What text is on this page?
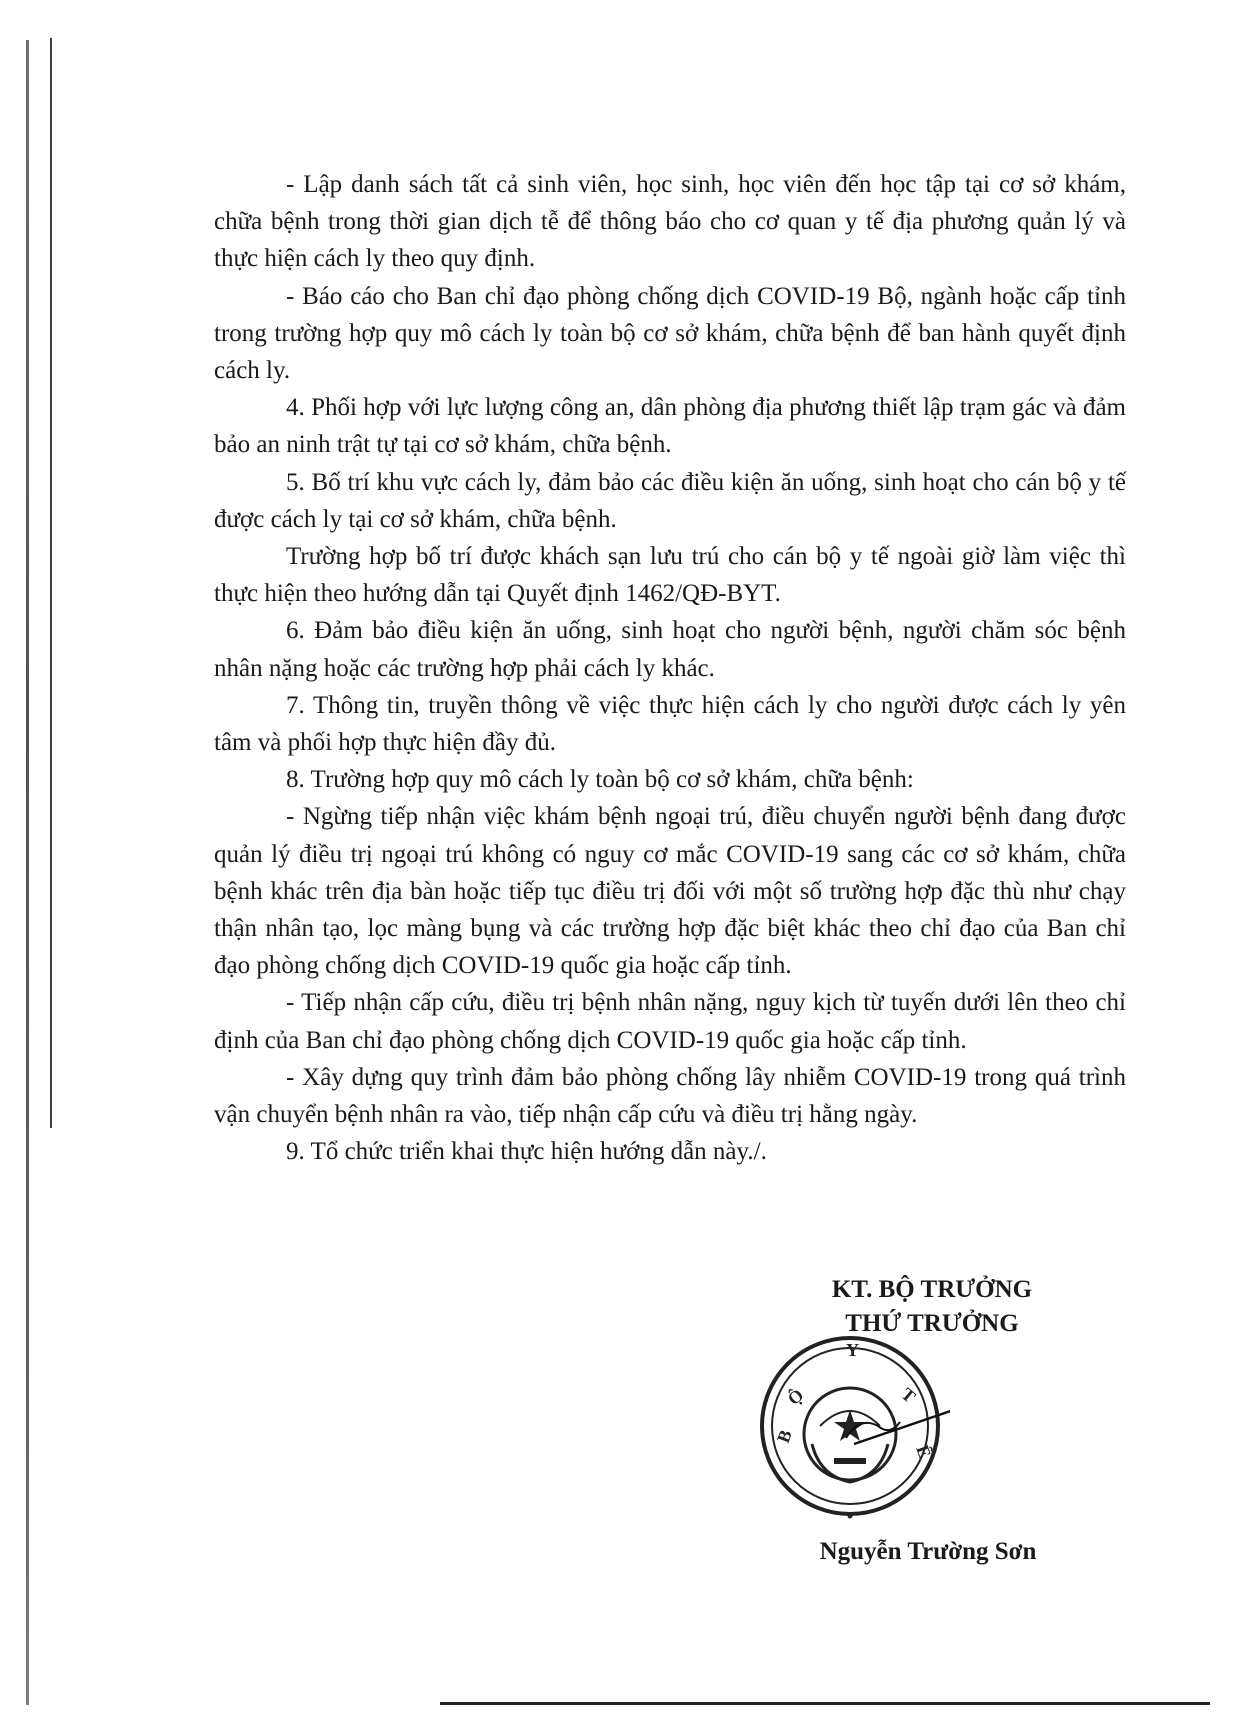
- Lập danh sách tất cả sinh viên, học sinh, học viên đến học tập tại cơ sở khám, chữa bệnh trong thời gian dịch tễ để thông báo cho cơ quan y tế địa phương quản lý và thực hiện cách ly theo quy định.

- Báo cáo cho Ban chỉ đạo phòng chống dịch COVID-19 Bộ, ngành hoặc cấp tỉnh trong trường hợp quy mô cách ly toàn bộ cơ sở khám, chữa bệnh để ban hành quyết định cách ly.

4. Phối hợp với lực lượng công an, dân phòng địa phương thiết lập trạm gác và đảm bảo an ninh trật tự tại cơ sở khám, chữa bệnh.

5. Bố trí khu vực cách ly, đảm bảo các điều kiện ăn uống, sinh hoạt cho cán bộ y tế được cách ly tại cơ sở khám, chữa bệnh.

Trường hợp bố trí được khách sạn lưu trú cho cán bộ y tế ngoài giờ làm việc thì thực hiện theo hướng dẫn tại Quyết định 1462/QĐ-BYT.

6. Đảm bảo điều kiện ăn uống, sinh hoạt cho người bệnh, người chăm sóc bệnh nhân nặng hoặc các trường hợp phải cách ly khác.

7. Thông tin, truyền thông về việc thực hiện cách ly cho người được cách ly yên tâm và phối hợp thực hiện đầy đủ.

8. Trường hợp quy mô cách ly toàn bộ cơ sở khám, chữa bệnh:

- Ngừng tiếp nhận việc khám bệnh ngoại trú, điều chuyển người bệnh đang được quản lý điều trị ngoại trú không có nguy cơ mắc COVID-19 sang các cơ sở khám, chữa bệnh khác trên địa bàn hoặc tiếp tục điều trị đối với một số trường hợp đặc thù như chạy thận nhân tạo, lọc màng bụng và các trường hợp đặc biệt khác theo chỉ đạo của Ban chỉ đạo phòng chống dịch COVID-19 quốc gia hoặc cấp tỉnh.

- Tiếp nhận cấp cứu, điều trị bệnh nhân nặng, nguy kịch từ tuyến dưới lên theo chỉ định của Ban chỉ đạo phòng chống dịch COVID-19 quốc gia hoặc cấp tỉnh.

- Xây dựng quy trình đảm bảo phòng chống lây nhiễm COVID-19 trong quá trình vận chuyển bệnh nhân ra vào, tiếp nhận cấp cứu và điều trị hằng ngày.

9. Tổ chức triển khai thực hiện hướng dẫn này./.

KT. BỘ TRƯỞNG
B
Ộ
Y
T
Ế
THỨ TRƯỞNG
Nguyễn Trường Sơn
